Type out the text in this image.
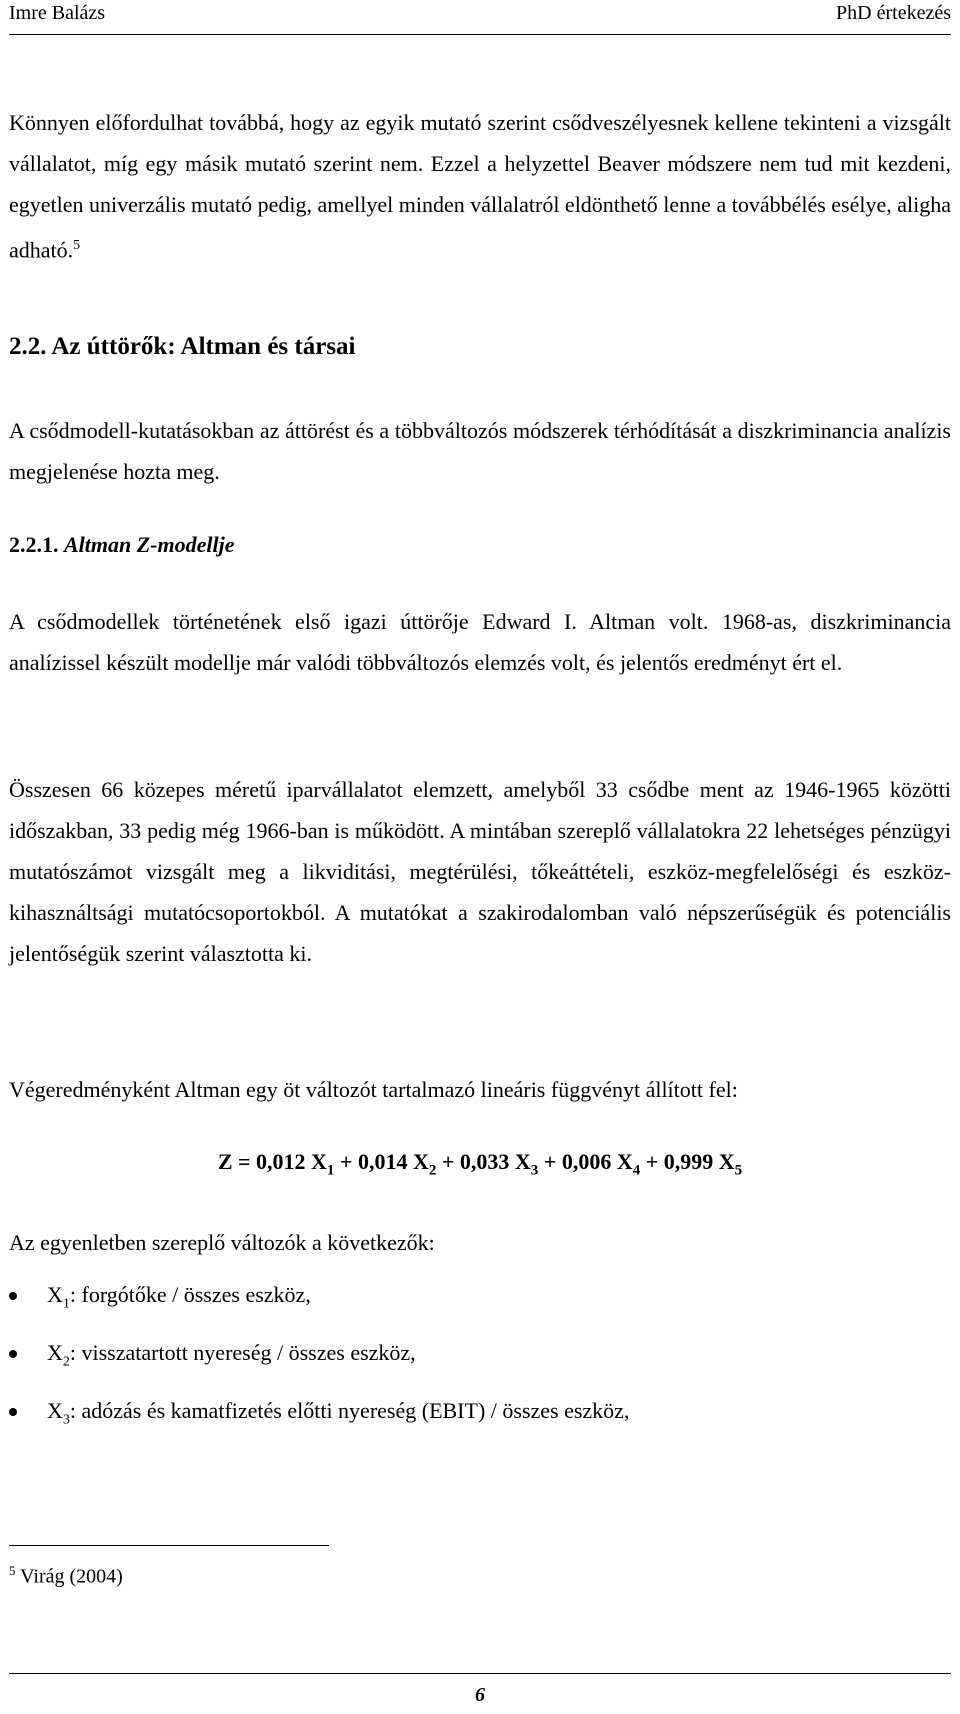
Imre Balázs	PhD értekezés
Könnyen előfordulhat továbbá, hogy az egyik mutató szerint csődveszélyesnek kellene tekinteni a vizsgált vállalatot, míg egy másik mutató szerint nem. Ezzel a helyzettel Beaver módszere nem tud mit kezdeni, egyetlen univerzális mutató pedig, amellyel minden vállalatról eldönthető lenne a továbbélés esélye, aligha adható.$^5$
2.2. Az úttörők: Altman és társai
A csődmodell-kutatásokban az áttörést és a többváltozós módszerek térhódítását a diszkriminancia analízis megjelenése hozta meg.
2.2.1. Altman Z-modellje
A csődmodellek történetének első igazi úttörője Edward I. Altman volt. 1968-as, diszkriminancia analízissel készült modellje már valódi többváltozós elemzés volt, és jelentős eredményt ért el.
Összesen 66 közepes méretű iparvállalatot elemzett, amelyből 33 csődbe ment az 1946-1965 közötti időszakban, 33 pedig még 1966-ban is működött. A mintában szereplő vállalatokra 22 lehetséges pénzügyi mutatószámot vizsgált meg a likviditási, megtérülési, tőkeáttételi, eszköz-megfelelőségi és eszköz-kihasználtsági mutatócsoportokból. A mutatókat a szakirodalomban való népszerűségük és potenciális jelentőségük szerint választotta ki.
Végeredményként Altman egy öt változót tartalmazó lineáris függvényt állított fel:
Z = 0,012 $X_1 + 0,014$ $X_2 + 0,033$ $X_3 + 0,006$ $X_4 + 0,999$ $X_5$
Az egyenletben szereplő változók a következők:
$X_1$: forgótőke / összes eszköz,
$X_2$: visszatartott nyereség / összes eszköz,
$X_3$: adózás és kamatfizetés előtti nyereség (EBIT) / összes eszköz,
$^5$ Virág (2004)
6
